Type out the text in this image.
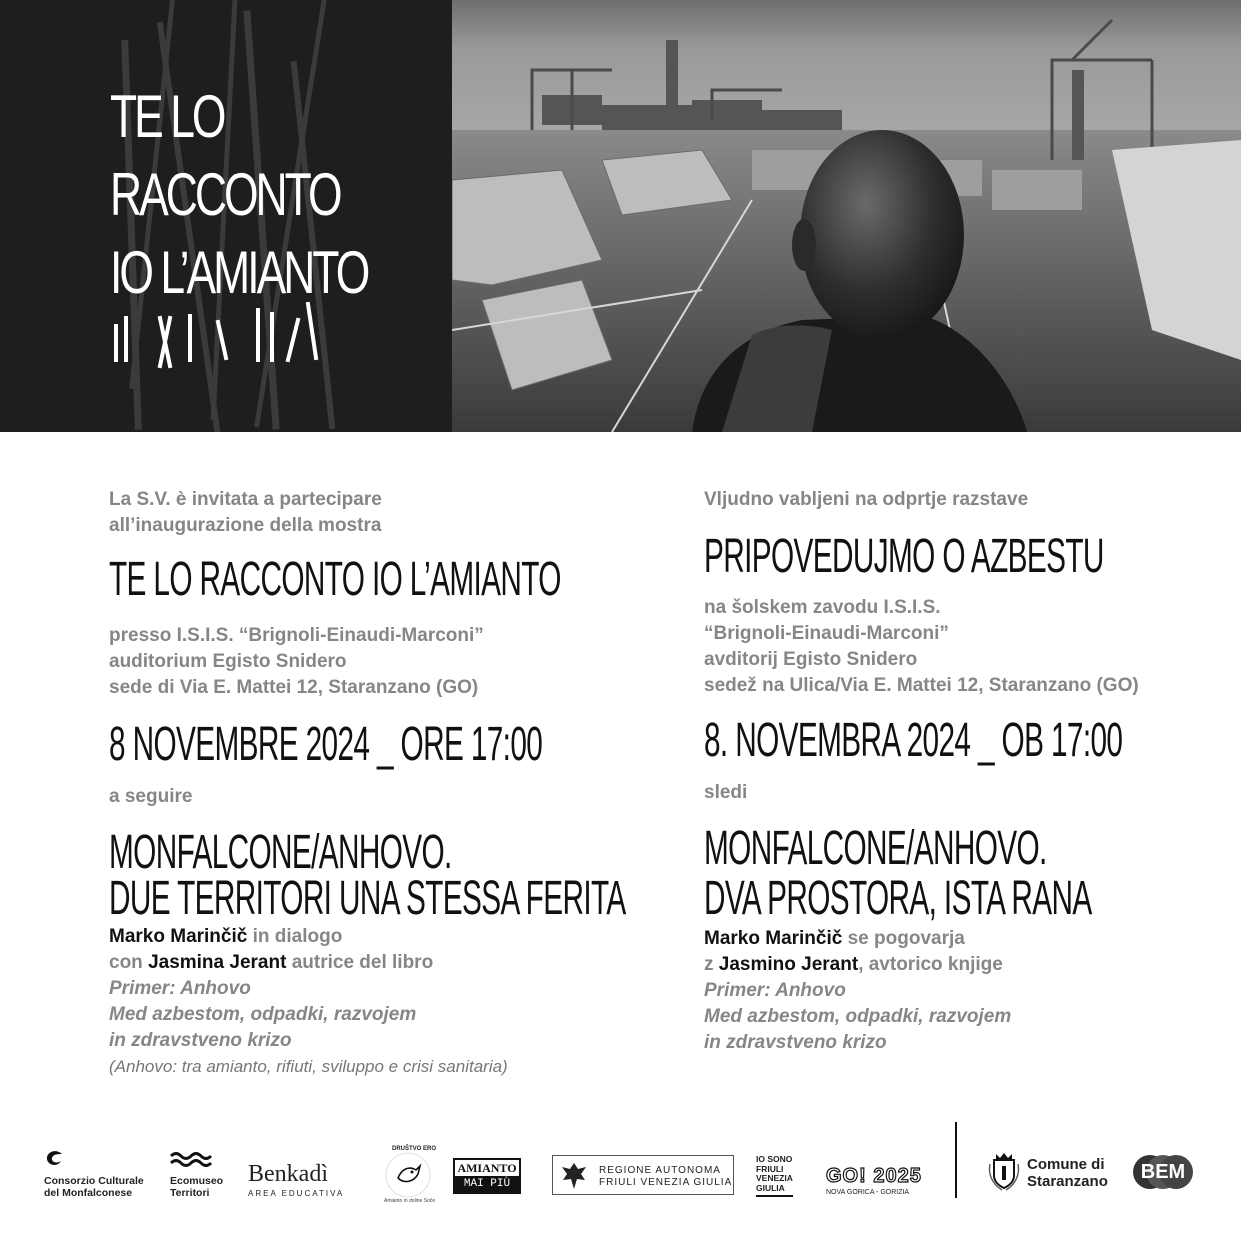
TE LO
RACCONTO
IO L’AMIANTO
La S.V. è invitata a partecipare
all’inaugurazione della mostra
TE LO RACCONTO IO L’AMIANTO
presso I.S.I.S. “Brignoli-Einaudi-Marconi”
auditorium Egisto Snidero
sede di Via E. Mattei 12, Staranzano (GO)
8 NOVEMBRE 2024 _ ORE 17:00
a seguire
MONFALCONE/ANHOVO.
DUE TERRITORI UNA STESSA FERITA
Marko Marinčič in dialogo
con Jasmina Jerant autrice del libro
Primer: Anhovo
Med azbestom, odpadki, razvojem
in zdravstveno krizo
(Anhovo: tra amianto, rifiuti, sviluppo e crisi sanitaria)
Vljudno vabljeni na odprtje razstave
PRIPOVEDUJMO O AZBESTU
na šolskem zavodu I.S.I.S.
“Brignoli-Einaudi-Marconi”
avditorij Egisto Snidero
sedež na Ulica/Via E. Mattei 12, Staranzano (GO)
8. NOVEMBRA 2024 _ OB 17:00
sledi
MONFALCONE/ANHOVO.
DVA PROSTORA, ISTA RANA
Marko Marinčič se pogovarja
z Jasmino Jerant, avtorico knjige
Primer: Anhovo
Med azbestom, odpadki, razvojem
in zdravstveno krizo
Consorzio Culturale
del Monfalconese
Ecomuseo
Territori
Benkadì
AREA EDUCATIVA
DRUŠTVO ERO
Amianto in doline Soče
AMIANTO
MAI PIÙ
REGIONE AUTONOMA
FRIULI VENEZIA GIULIA
IO SONO
FRIULI
VENEZIA
GIULIA
GO! 2025
NOVA GORICA - GORIZIA
Comune di
Staranzano	BEM
